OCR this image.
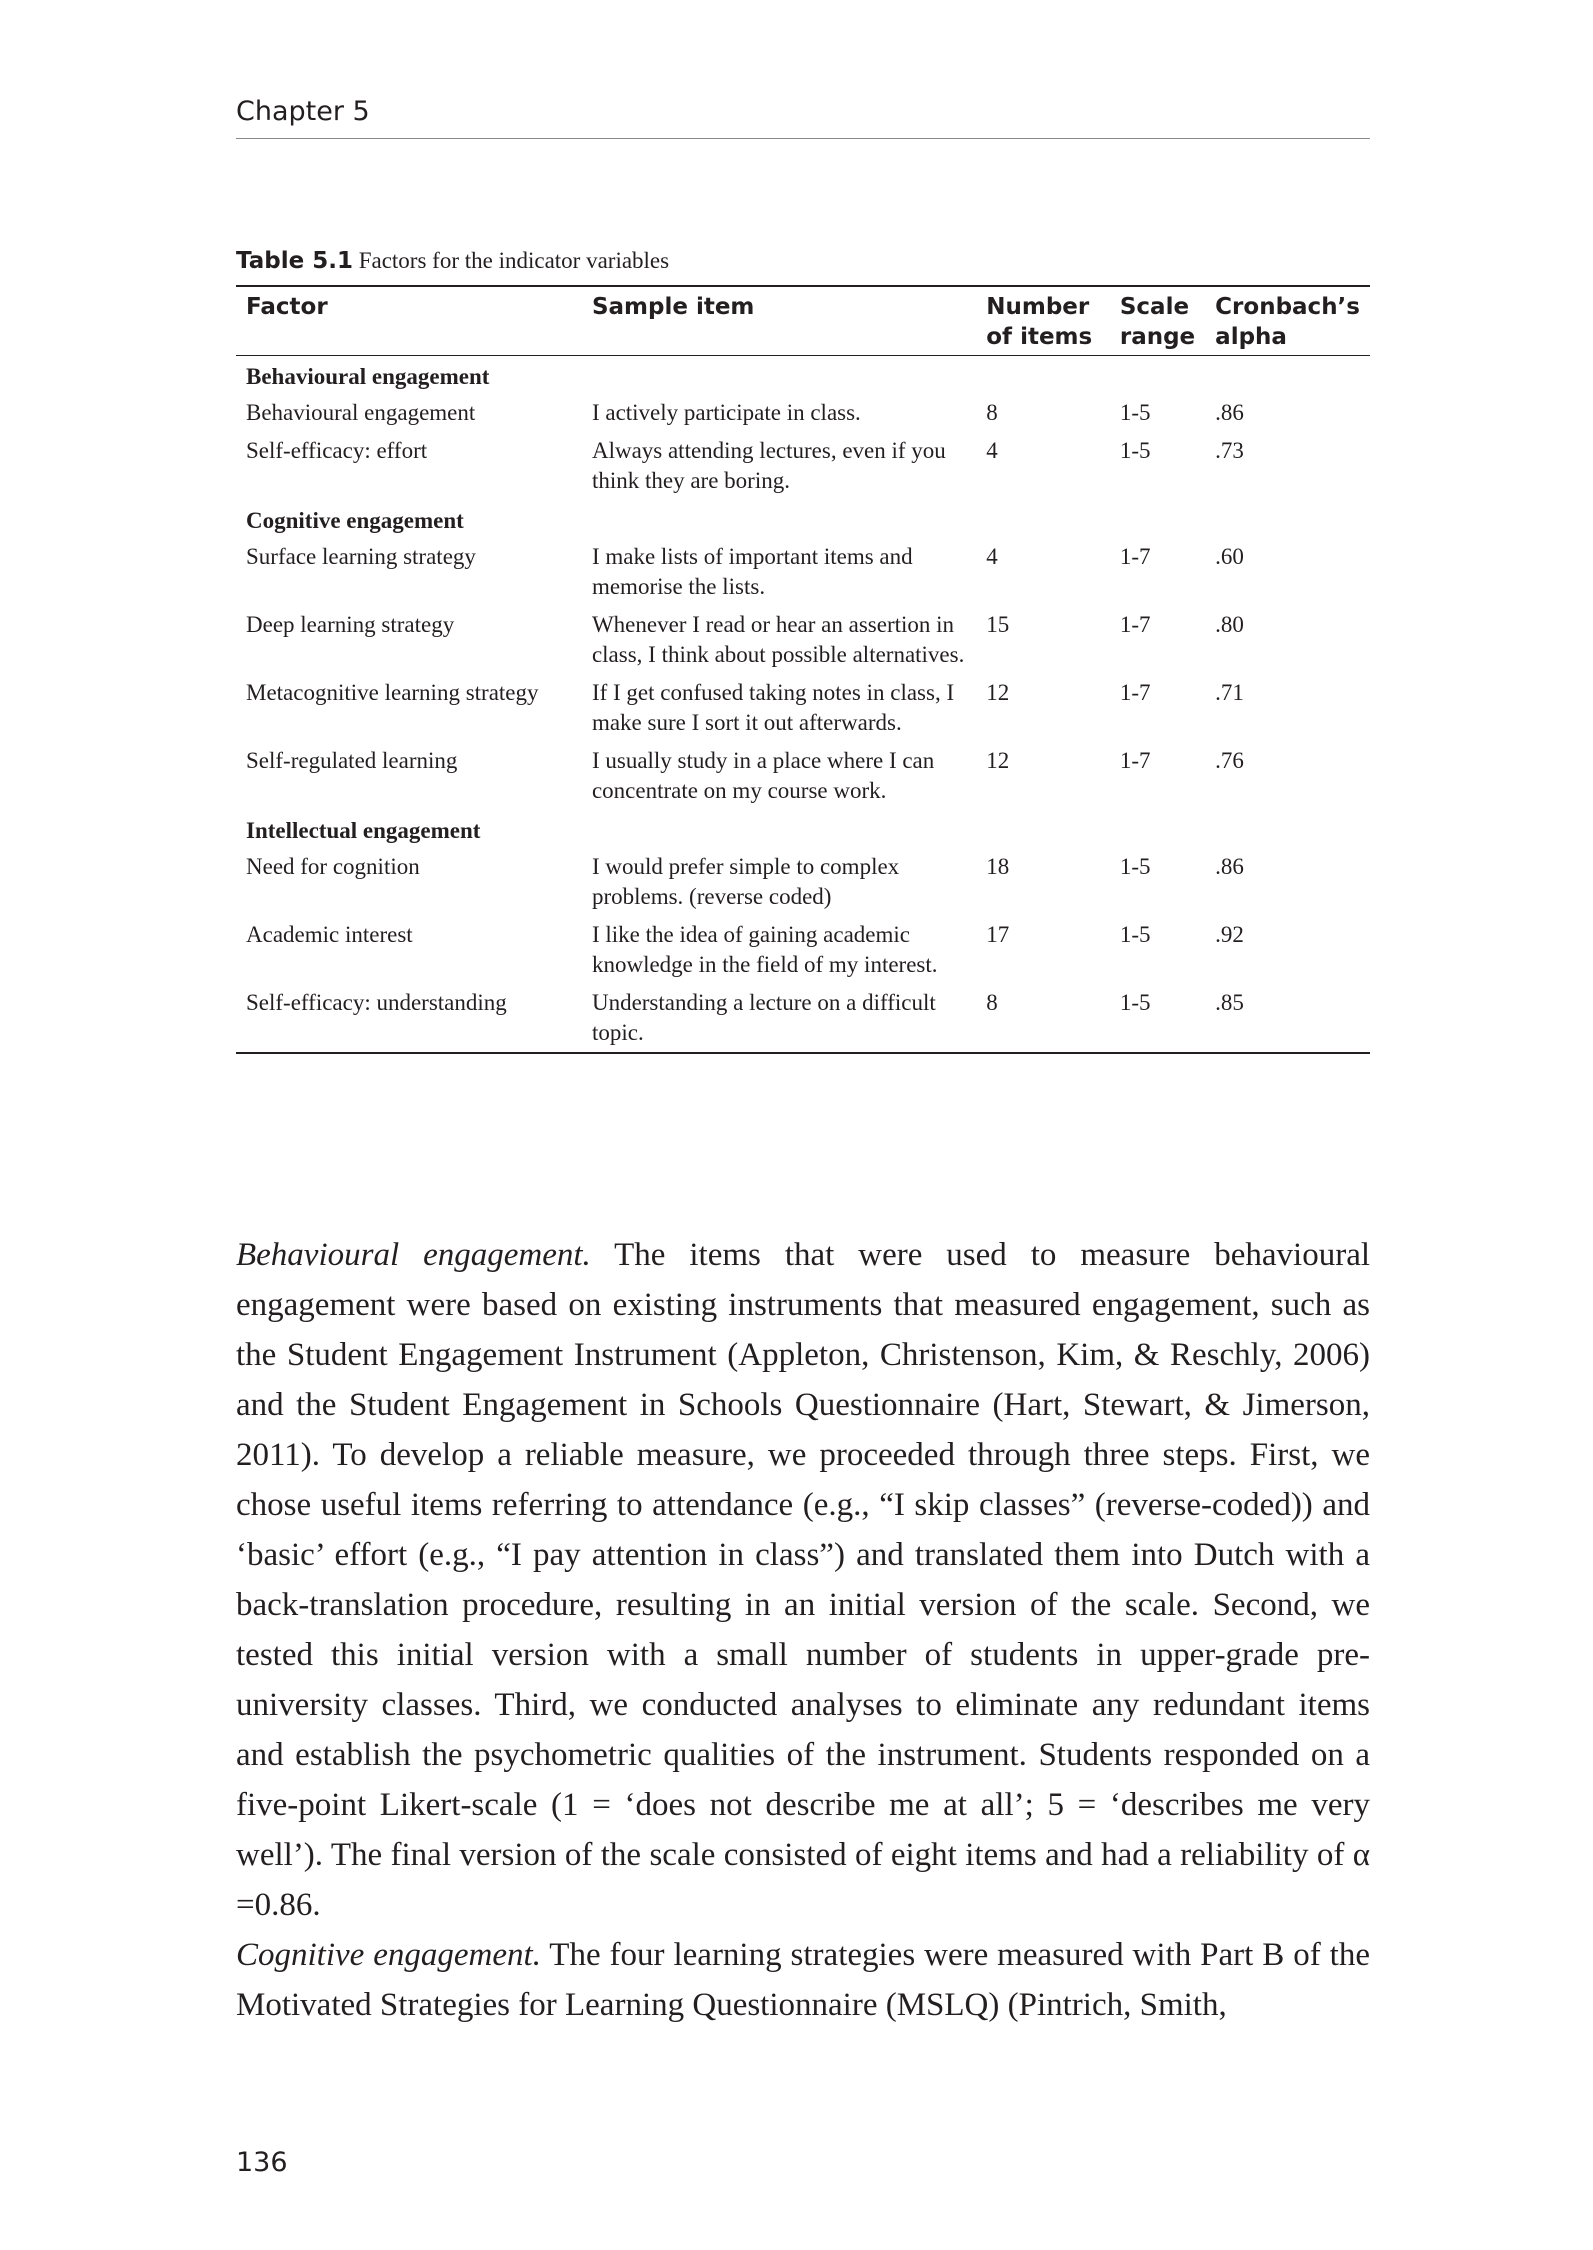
Chapter 5
Table 5.1 Factors for the indicator variables
Factor	Sample item	Number of items	Scale range	Cronbach’s alpha
Behavioural engagement				
Behavioural engagement	I actively participate in class.	8	1-5	.86
Self-efficacy: effort	Always attending lectures, even if you think they are boring.	4	1-5	.73
Cognitive engagement				
Surface learning strategy	I make lists of important items and memorise the lists.	4	1-7	.60
Deep learning strategy	Whenever I read or hear an assertion in class, I think about possible alternatives.	15	1-7	.80
Metacognitive learning strategy	If I get confused taking notes in class, I make sure I sort it out afterwards.	12	1-7	.71
Self-regulated learning	I usually study in a place where I can concentrate on my course work.	12	1-7	.76
Intellectual engagement				
Need for cognition	I would prefer simple to complex problems. (reverse coded)	18	1-5	.86
Academic interest	I like the idea of gaining academic knowledge in the field of my interest.	17	1-5	.92
Self-efficacy: understanding	Understanding a lecture on a difficult topic.	8	1-5	.85

Behavioural engagement. The items that were used to measure behavioural engagement were based on existing instruments that measured engagement, such as the Student Engagement Instrument (Appleton, Christenson, Kim, & Reschly, 2006) and the Student Engagement in Schools Questionnaire (Hart, Stewart, & Jimerson, 2011). To develop a reliable measure, we proceeded through three steps. First, we chose useful items referring to attendance (e.g., “I skip classes” (reverse-coded)) and ‘basic’ effort (e.g., “I pay attention in class”) and translated them into Dutch with a back-translation procedure, resulting in an initial version of the scale. Second, we tested this initial version with a small number of students in upper-grade pre-university classes. Third, we conducted analyses to eliminate any redundant items and establish the psychometric qualities of the instrument. Students responded on a five-point Likert-scale (1 = ‘does not describe me at all’; 5 = ‘describes me very well’). The final version of the scale consisted of eight items and had a reliability of α =0.86.

Cognitive engagement. The four learning strategies were measured with Part B of the Motivated Strategies for Learning Questionnaire (MSLQ) (Pintrich, Smith,

136
